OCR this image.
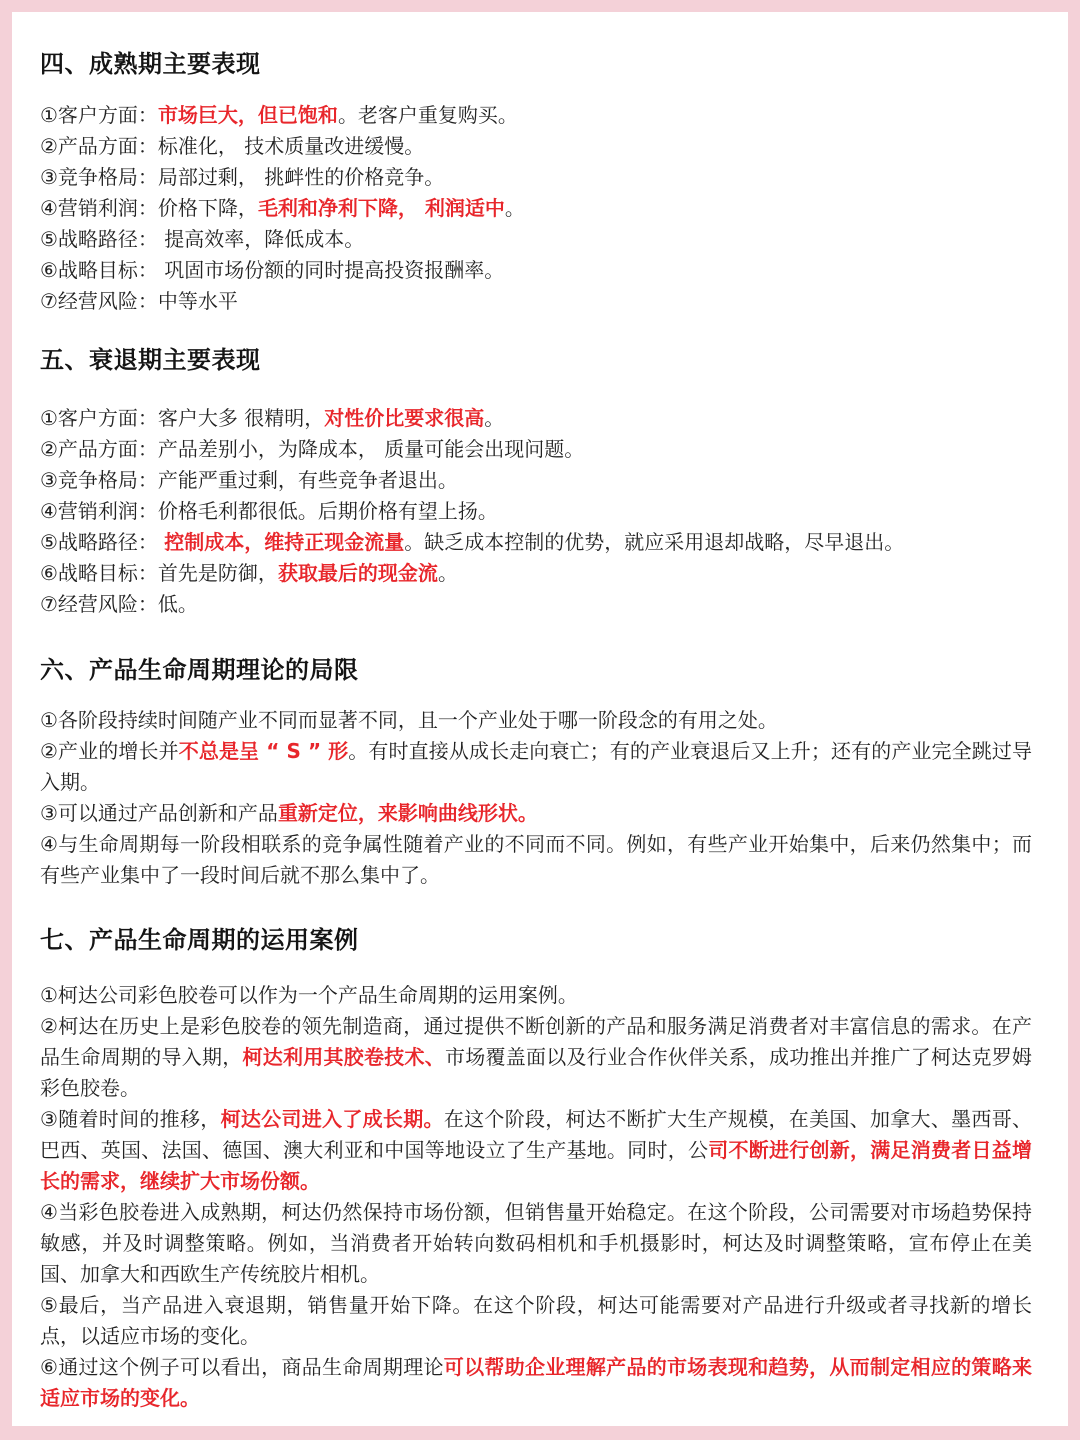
四、成熟期主要表现
①客户方面：市场巨大，但已饱和。老客户重复购买。
②产品方面：标准化， 技术质量改进缓慢。
③竞争格局：局部过剩， 挑衅性的价格竞争。
④营销利润：价格下降，毛利和净利下降， 利润适中。
⑤战略路径： 提高效率，降低成本。
⑥战略目标： 巩固市场份额的同时提高投资报酬率。
⑦经营风险：中等水平
五、衰退期主要表现
①客户方面：客户大多 很精明，对性价比要求很高。
②产品方面：产品差别小，为降成本， 质量可能会出现问题。
③竞争格局：产能严重过剩，有些竞争者退出。
④营销利润：价格毛利都很低。后期价格有望上扬。
⑤战略路径： 控制成本，维持正现金流量。缺乏成本控制的优势，就应采用退却战略，尽早退出。
⑥战略目标：首先是防御，获取最后的现金流。
⑦经营风险：低。
六、产品生命周期理论的局限
①各阶段持续时间随产业不同而显著不同，且一个产业处于哪一阶段念的有用之处。
②产业的增长并不总是呈 “ S ” 形。有时直接从成长走向衰亡；有的产业衰退后又上升；还有的产业完全跳过导入期。
③可以通过产品创新和产品重新定位，来影响曲线形状。
④与生命周期每一阶段相联系的竞争属性随着产业的不同而不同。例如，有些产业开始集中，后来仍然集中；而有些产业集中了一段时间后就不那么集中了。
七、产品生命周期的运用案例
①柯达公司彩色胶卷可以作为一个产品生命周期的运用案例。
②柯达在历史上是彩色胶卷的领先制造商，通过提供不断创新的产品和服务满足消费者对丰富信息的需求。在产品生命周期的导入期，柯达利用其胶卷技术、市场覆盖面以及行业合作伙伴关系，成功推出并推广了柯达克罗姆彩色胶卷。
③随着时间的推移，柯达公司进入了成长期。在这个阶段，柯达不断扩大生产规模，在美国、加拿大、墨西哥、巴西、英国、法国、德国、澳大利亚和中国等地设立了生产基地。同时，公司不断进行创新，满足消费者日益增长的需求，继续扩大市场份额。
④当彩色胶卷进入成熟期，柯达仍然保持市场份额，但销售量开始稳定。在这个阶段，公司需要对市场趋势保持敏感，并及时调整策略。例如，当消费者开始转向数码相机和手机摄影时，柯达及时调整策略，宣布停止在美国、加拿大和西欧生产传统胶片相机。
⑤最后，当产品进入衰退期，销售量开始下降。在这个阶段，柯达可能需要对产品进行升级或者寻找新的增长点，以适应市场的变化。
⑥通过这个例子可以看出，商品生命周期理论可以帮助企业理解产品的市场表现和趋势，从而制定相应的策略来适应市场的变化。
